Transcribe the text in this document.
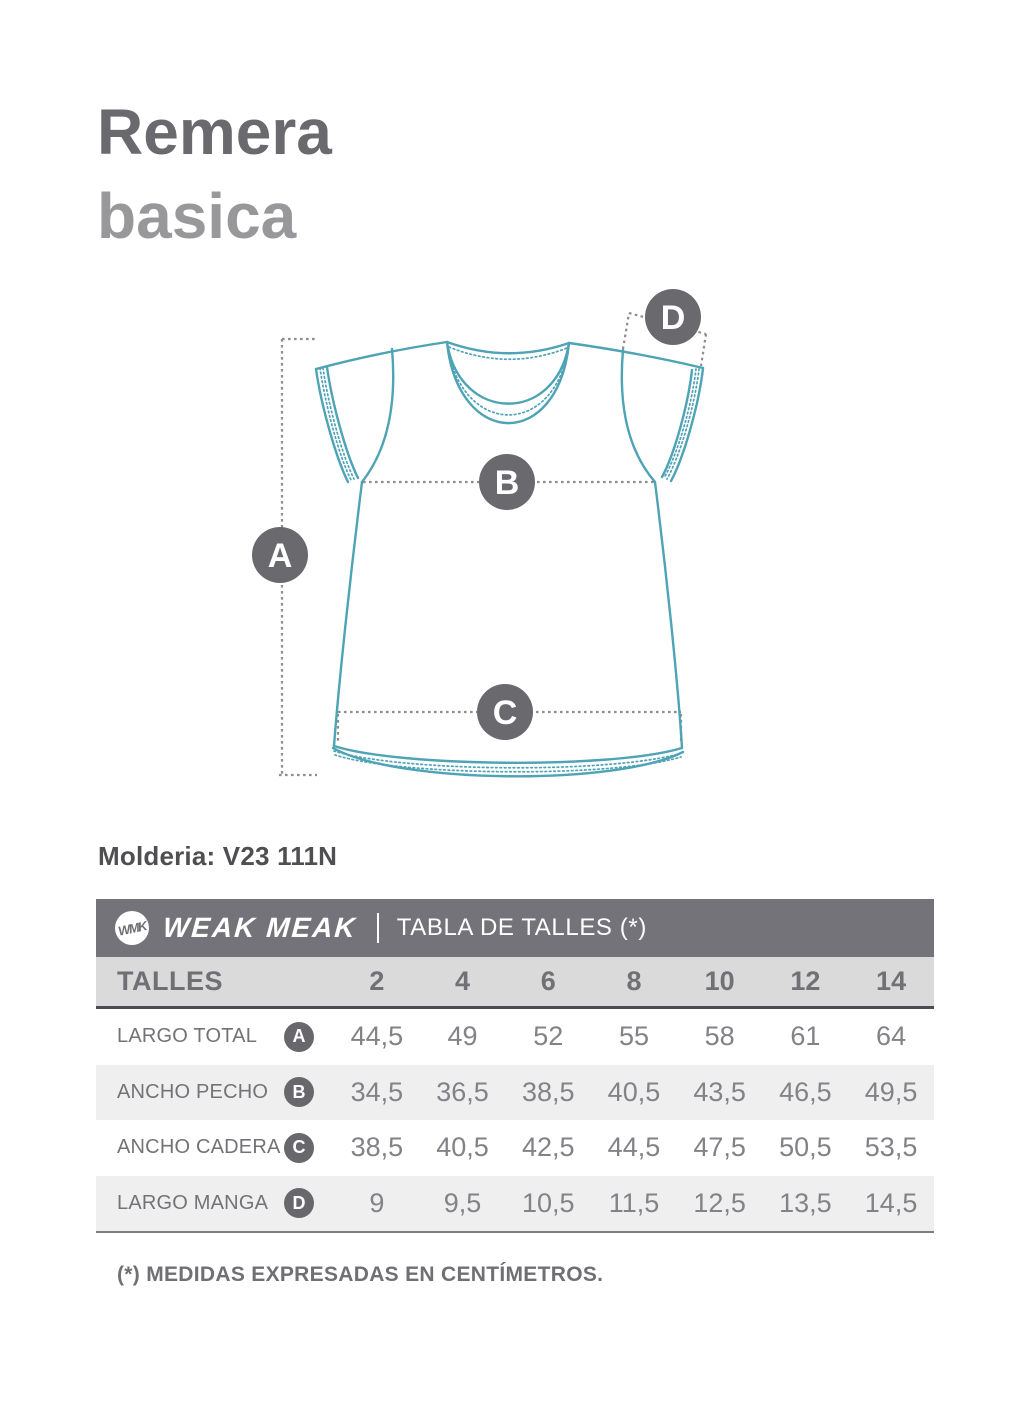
Remera
basica
A
B
C
D
Molderia: V23 111N
WMK WEAK MEAK TABLA DE TALLES (*)
TALLES	2	4	6	8	10	12	14
LARGO TOTAL	A	44,5	49	52	55	58	61	64
ANCHO PECHO	B	34,5	36,5	38,5	40,5	43,5	46,5	49,5
ANCHO CADERA C	38,5	40,5	42,5	44,5	47,5	50,5	53,5
LARGO MANGA	D	9	9,5	10,5	11,5	12,5	13,5	14,5
(*) MEDIDAS EXPRESADAS EN CENTÍMETROS.
